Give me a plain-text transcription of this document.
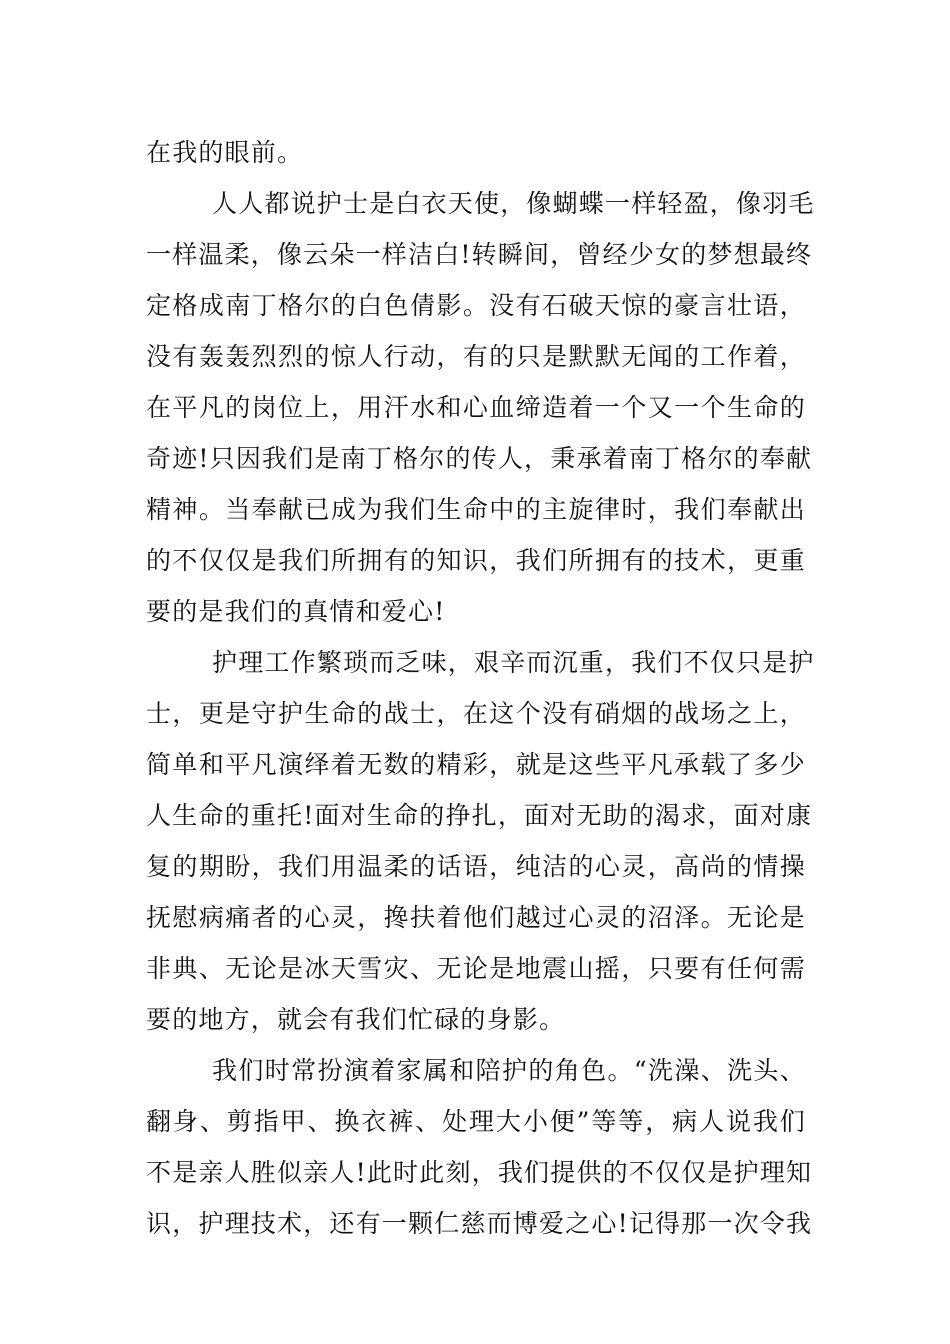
在我的眼前。
人人都说护士是白衣天使，像蝴蝶一样轻盈，像羽毛
一样温柔，像云朵一样洁白!转瞬间，曾经少女的梦想最终
定格成南丁格尔的白色倩影。没有石破天惊的豪言壮语，
没有轰轰烈烈的惊人行动，有的只是默默无闻的工作着，
在平凡的岗位上，用汗水和心血缔造着一个又一个生命的
奇迹!只因我们是南丁格尔的传人，秉承着南丁格尔的奉献
精神。当奉献已成为我们生命中的主旋律时，我们奉献出
的不仅仅是我们所拥有的知识，我们所拥有的技术，更重
要的是我们的真情和爱心!
护理工作繁琐而乏味，艰辛而沉重，我们不仅只是护
士，更是守护生命的战士，在这个没有硝烟的战场之上，
简单和平凡演绎着无数的精彩，就是这些平凡承载了多少
人生命的重托!面对生命的挣扎，面对无助的渴求，面对康
复的期盼，我们用温柔的话语，纯洁的心灵，高尚的情操
抚慰病痛者的心灵，搀扶着他们越过心灵的沼泽。无论是
非典、无论是冰天雪灾、无论是地震山摇，只要有任何需
要的地方，就会有我们忙碌的身影。
我们时常扮演着家属和陪护的角色。“洗澡、洗头、
翻身、剪指甲、换衣裤、处理大小便”等等，病人说我们
不是亲人胜似亲人!此时此刻，我们提供的不仅仅是护理知
识，护理技术，还有一颗仁慈而博爱之心!记得那一次令我
